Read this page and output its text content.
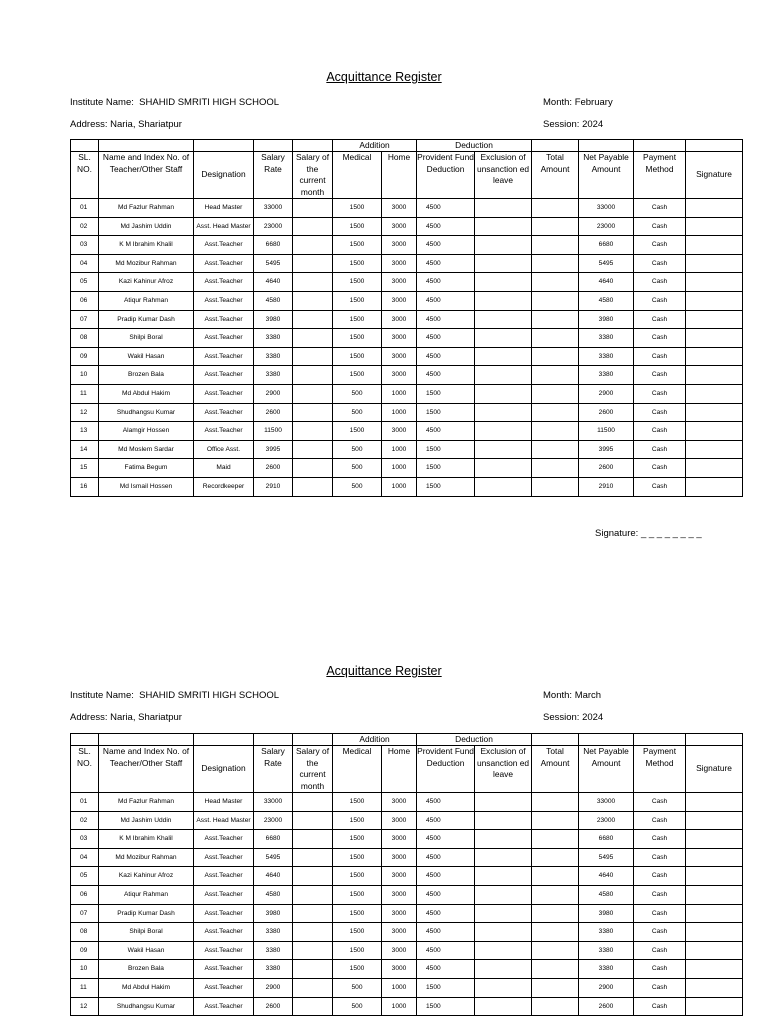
Acquittance Register
Institute Name: SHAHID SMRITI HIGH SCHOOL	Month: February
Address: Naria, Shariatpur	Session: 2024
					Addition		Deduction					
SL. NO.	Name and Index No. of Teacher/Other Staff	Designation	Salary Rate	Salary of the current month	Medical	Home	Provident Fund Deduction	Exclusion of unsanction ed leave	Total Amount	Net Payable Amount	Payment Method	Signature
01	Md Fazlur Rahman	Head Master	33000		1500	3000	4500			33000	Cash	
02	Md Jashim Uddin	Asst. Head Master	23000		1500	3000	4500			23000	Cash	
03	K M Ibrahim Khalil	Asst.Teacher	6680		1500	3000	4500			6680	Cash	
04	Md Mozibur Rahman	Asst.Teacher	5495		1500	3000	4500			5495	Cash	
05	Kazi Kahinur Afroz	Asst.Teacher	4640		1500	3000	4500			4640	Cash	
06	Atiqur Rahman	Asst.Teacher	4580		1500	3000	4500			4580	Cash	
07	Pradip Kumar Dash	Asst.Teacher	3980		1500	3000	4500			3980	Cash	
08	Shilpi Boral	Asst.Teacher	3380		1500	3000	4500			3380	Cash	
09	Wakil Hasan	Asst.Teacher	3380		1500	3000	4500			3380	Cash	
10	Brozen Bala	Asst.Teacher	3380		1500	3000	4500			3380	Cash	
11	Md Abdul Hakim	Asst.Teacher	2900		500	1000	1500			2900	Cash	
12	Shudhangsu Kumar	Asst.Teacher	2600		500	1000	1500			2600	Cash	
13	Alamgir Hossen	Asst.Teacher	11500		1500	3000	4500			11500	Cash	
14	Md Moslem Sardar	Office Asst.	3995		500	1000	1500			3995	Cash	
15	Fatima Begum	Maid	2600		500	1000	1500			2600	Cash	
16	Md Ismail Hossen	Recordkeeper	2910		500	1000	1500			2910	Cash	
Signature: _ _ _ _ _ _ _ _
Acquittance Register
Institute Name: SHAHID SMRITI HIGH SCHOOL	Month: March
Address: Naria, Shariatpur	Session: 2024
					Addition		Deduction					
SL. NO.	Name and Index No. of Teacher/Other Staff	Designation	Salary Rate	Salary of the current month	Medical	Home	Provident Fund Deduction	Exclusion of unsanction ed leave	Total Amount	Net Payable Amount	Payment Method	Signature
01	Md Fazlur Rahman	Head Master	33000		1500	3000	4500			33000	Cash	
02	Md Jashim Uddin	Asst. Head Master	23000		1500	3000	4500			23000	Cash	
03	K M Ibrahim Khalil	Asst.Teacher	6680		1500	3000	4500			6680	Cash	
04	Md Mozibur Rahman	Asst.Teacher	5495		1500	3000	4500			5495	Cash	
05	Kazi Kahinur Afroz	Asst.Teacher	4640		1500	3000	4500			4640	Cash	
06	Atiqur Rahman	Asst.Teacher	4580		1500	3000	4500			4580	Cash	
07	Pradip Kumar Dash	Asst.Teacher	3980		1500	3000	4500			3980	Cash	
08	Shilpi Boral	Asst.Teacher	3380		1500	3000	4500			3380	Cash	
09	Wakil Hasan	Asst.Teacher	3380		1500	3000	4500			3380	Cash	
10	Brozen Bala	Asst.Teacher	3380		1500	3000	4500			3380	Cash	
11	Md Abdul Hakim	Asst.Teacher	2900		500	1000	1500			2900	Cash	
12	Shudhangsu Kumar	Asst.Teacher	2600		500	1000	1500			2600	Cash	
